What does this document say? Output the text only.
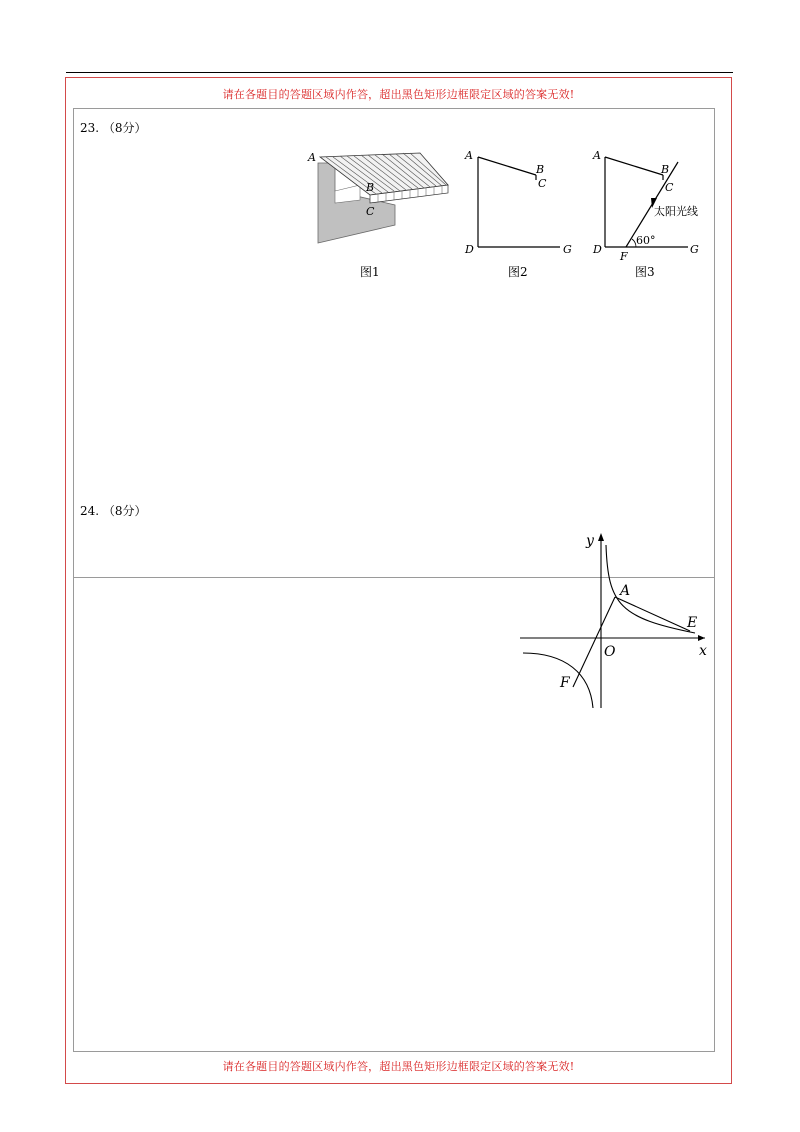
请在各题目的答题区域内作答，超出黑色矩形边框限定区域的答案无效!
请在各题目的答题区域内作答，超出黑色矩形边框限定区域的答案无效!
23. （8分）
24. （8分）
A
B
C
图1
A
B
C
D	G
图2
A
B
C
太阳光线
60°
D
F
G
图3
y
x
O
A
E
F
